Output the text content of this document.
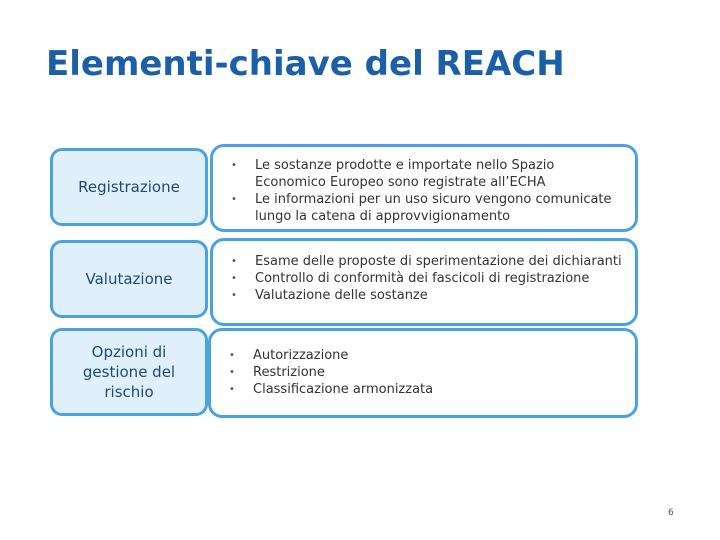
Elementi-chiave del REACH
Registrazione
• Le sostanze prodotte e importate nello Spazio Economico Europeo sono registrate all’ECHA
• Le informazioni per un uso sicuro vengono comunicate lungo la catena di approvvigionamento
Valutazione
• Esame delle proposte di sperimentazione dei dichiaranti
• Controllo di conformità dei fascicoli di registrazione
• Valutazione delle sostanze
Opzioni di gestione del rischio
• Autorizzazione
• Restrizione
• Classificazione armonizzata
6
